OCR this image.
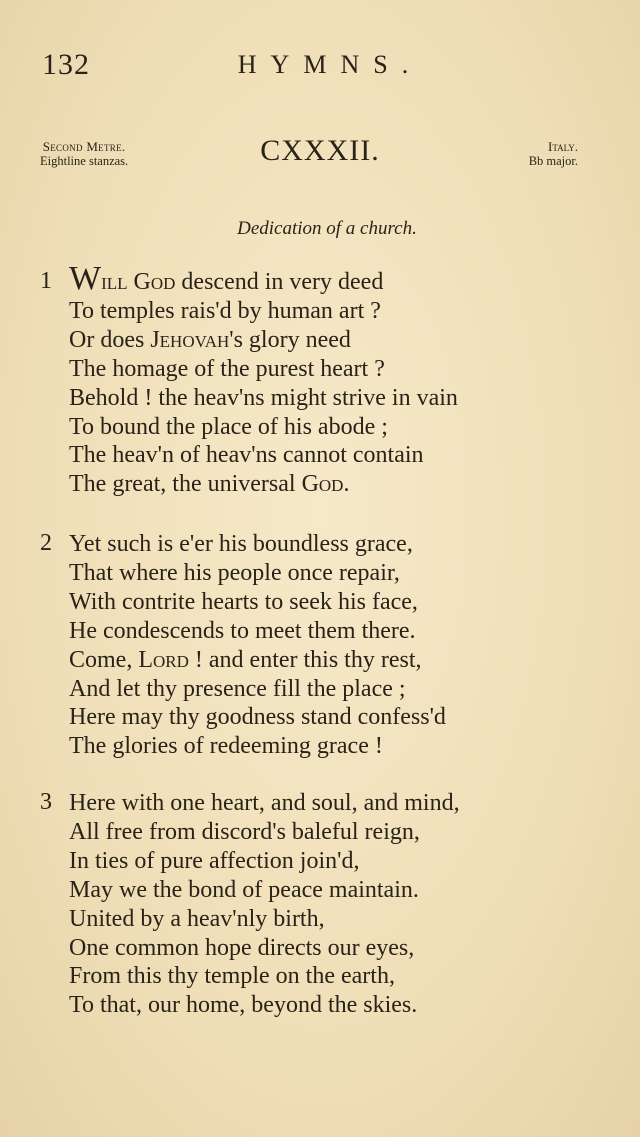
132	HYMNS.
Second Metre.
Eightline stanzas.	CXXXII.	Italy.
Bb major.
Dedication of a church.
1 Will God descend in very deed
To temples rais'd by human art ?
Or does Jehovah's glory need
The homage of the purest heart ?
Behold ! the heav'ns might strive in vain
To bound the place of his abode ;
The heav'n of heav'ns cannot contain
The great, the universal God.
2 Yet such is e'er his boundless grace,
That where his people once repair,
With contrite hearts to seek his face,
He condescends to meet them there.
Come, Lord ! and enter this thy rest,
And let thy presence fill the place ;
Here may thy goodness stand confess'd
The glories of redeeming grace !
3 Here with one heart, and soul, and mind,
All free from discord's baleful reign,
In ties of pure affection join'd,
May we the bond of peace maintain.
United by a heav'nly birth,
One common hope directs our eyes,
From this thy temple on the earth,
To that, our home, beyond the skies.
